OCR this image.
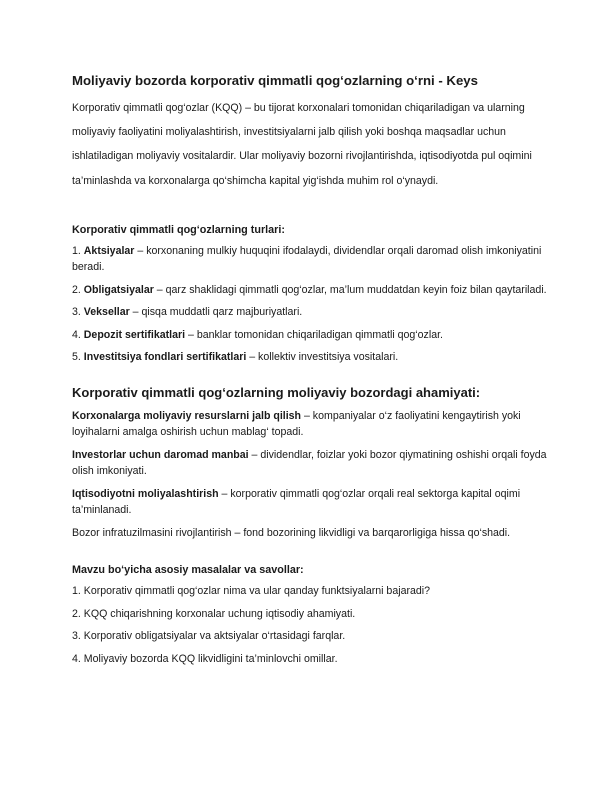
Moliyaviy bozorda korporativ qimmatli qog‘ozlarning o‘rni - Keys

Korporativ qimmatli qog‘ozlar (KQQ) – bu tijorat korxonalari tomonidan chiqariladigan va ularning moliyaviy faoliyatini moliyalashtirish, investitsiyalarni jalb qilish yoki boshqa maqsadlar uchun ishlatiladigan moliyaviy vositalardir. Ular moliyaviy bozorni rivojlantirishda, iqtisodiyotda pul oqimini ta’minlashda va korxonalarga qo‘shimcha kapital yig‘ishda muhim rol o‘ynaydi.

Korporativ qimmatli qog‘ozlarning turlari:
1. Aktsiyalar – korxonaning mulkiy huquqini ifodalaydi, dividendlar orqali daromad olish imkoniyatini beradi.
2. Obligatsiyalar – qarz shaklidagi qimmatli qog‘ozlar, ma’lum muddatdan keyin foiz bilan qaytariladi.
3. Veksellar – qisqa muddatli qarz majburiyatlari.
4. Depozit sertifikatlari – banklar tomonidan chiqariladigan qimmatli qog‘ozlar.
5. Investitsiya fondlari sertifikatlari – kollektiv investitsiya vositalari.
Korporativ qimmatli qog‘ozlarning moliyaviy bozordagi ahamiyati:
Korxonalarga moliyaviy resurslarni jalb qilish – kompaniyalar o‘z faoliyatini kengaytirish yoki loyihalarni amalga oshirish uchun mablag‘ topadi.
Investorlar uchun daromad manbai – dividendlar, foizlar yoki bozor qiymatining oshishi orqali foyda olish imkoniyati.
Iqtisodiyotni moliyalashtirish – korporativ qimmatli qog‘ozlar orqali real sektorga kapital oqimi ta’minlanadi.
Bozor infratuzilmasini rivojlantirish – fond bozorining likvidligi va barqarorligiga hissa qo‘shadi.
Mavzu bo‘yicha asosiy masalalar va savollar:
1. Korporativ qimmatli qog‘ozlar nima va ular qanday funktsiyalarni bajaradi?
2. KQQ chiqarishning korxonalar uchung iqtisodiy ahamiyati.
3. Korporativ obligatsiyalar va aktsiyalar o‘rtasidagi farqlar.
4. Moliyaviy bozorda KQQ likvidligini ta’minlovchi omillar.
